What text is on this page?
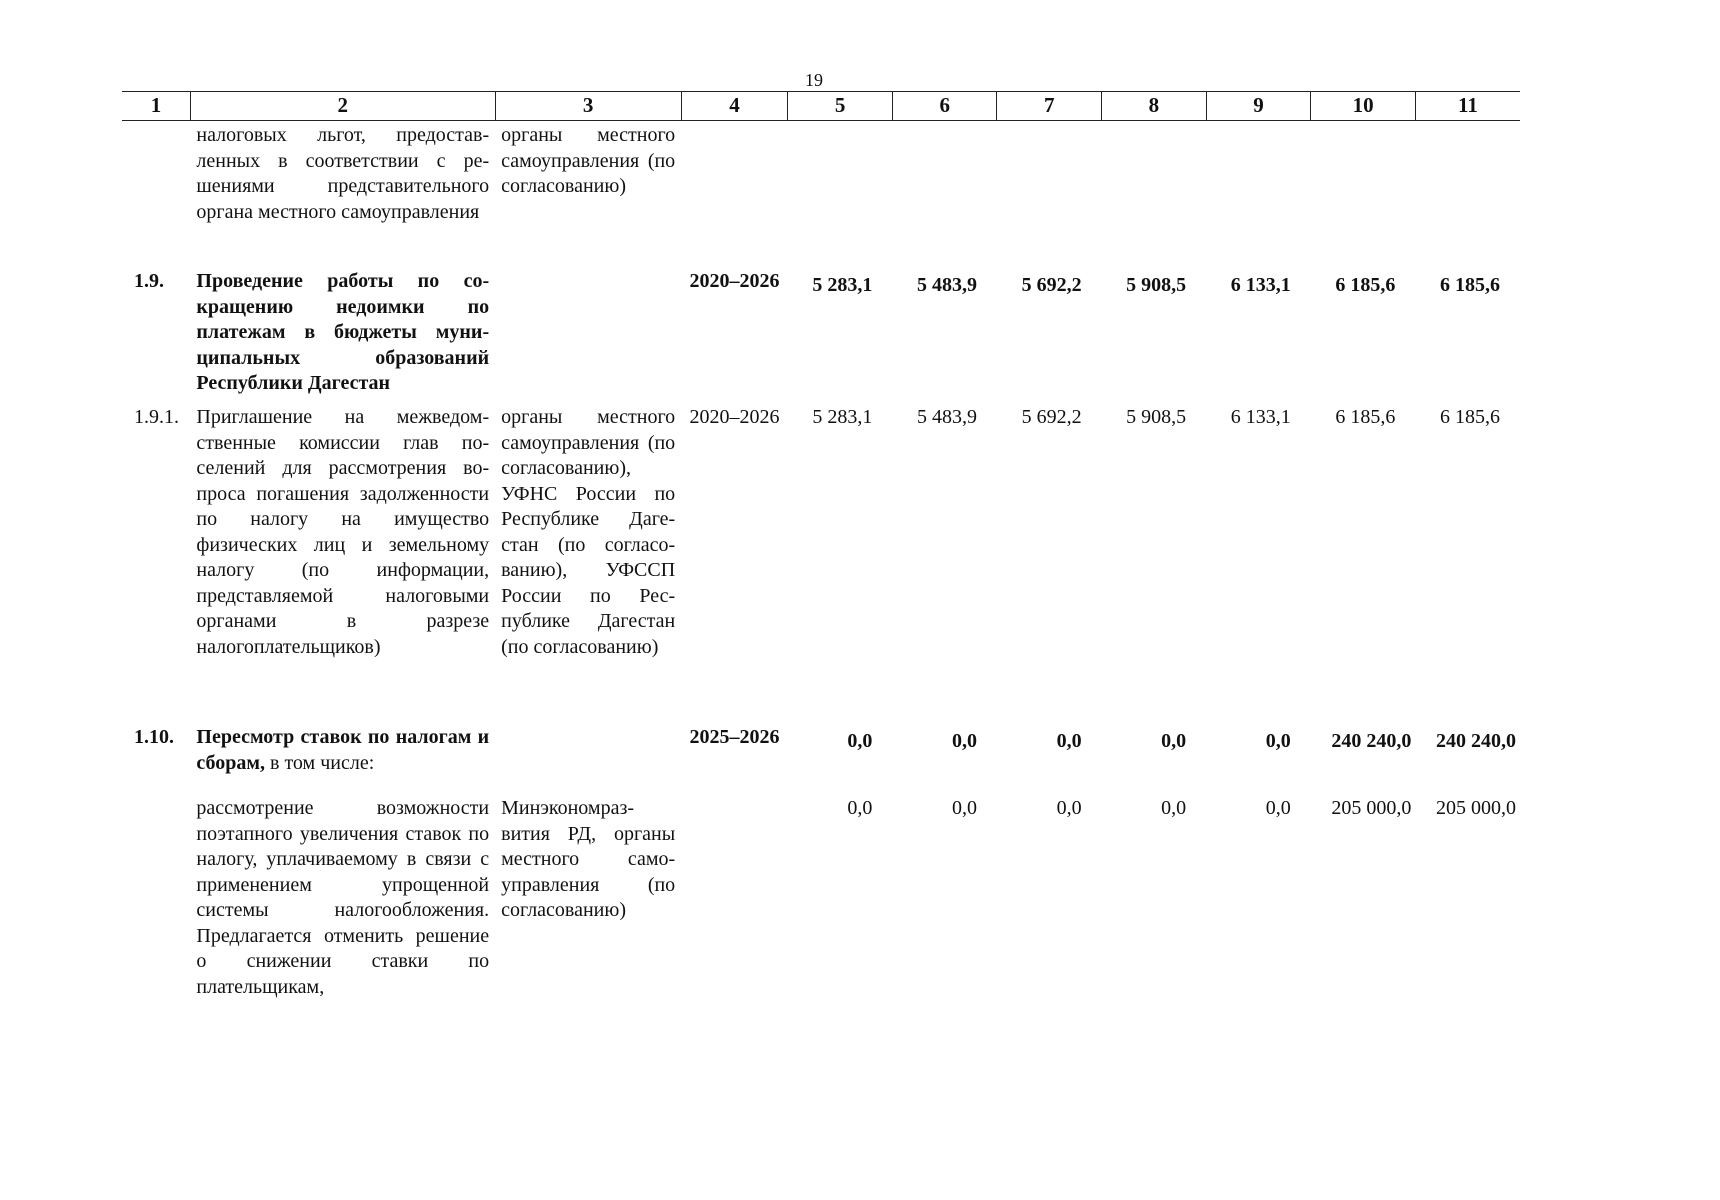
19
1	2	3	4	5	6	7	8	9	10	11
	налоговых льгот, предоставленных в соответствии с решениями представительного органа местного самоуправления	органы местного самоуправления (по согласованию)								
1.9.	Проведение работы по сокращению недоимки по платежам в бюджеты муниципальных образований Республики Дагестан		2020–2026	5 283,1	5 483,9	5 692,2	5 908,5	6 133,1	6 185,6	6 185,6
1.9.1.	Приглашение на межведомственные комиссии глав поселений для рассмотрения вопроса погашения задолженности по налогу на имущество физических лиц и земельному налогу (по информации, представляемой налоговыми органами в разрезе налогоплательщиков)	органы местного самоуправления (по согласованию), УФНС России по Республике Дагестан (по согласованию), УФССП России по Республике Дагестан (по согласованию)	2020–2026	5 283,1	5 483,9	5 692,2	5 908,5	6 133,1	6 185,6	6 185,6
1.10.	Пересмотр ставок по налогам и сборам, в том числе:		2025–2026	0,0	0,0	0,0	0,0	0,0	240 240,0	240 240,0
	рассмотрение возможности поэтапного увеличения ставок по налогу, уплачиваемому в связи с применением упрощенной системы налогообложения. Предлагается отменить решение о снижении ставки по плательщикам,	Минэкономразвития РД, органы местного самоуправления (по согласованию)		0,0	0,0	0,0	0,0	0,0	205 000,0	205 000,0
